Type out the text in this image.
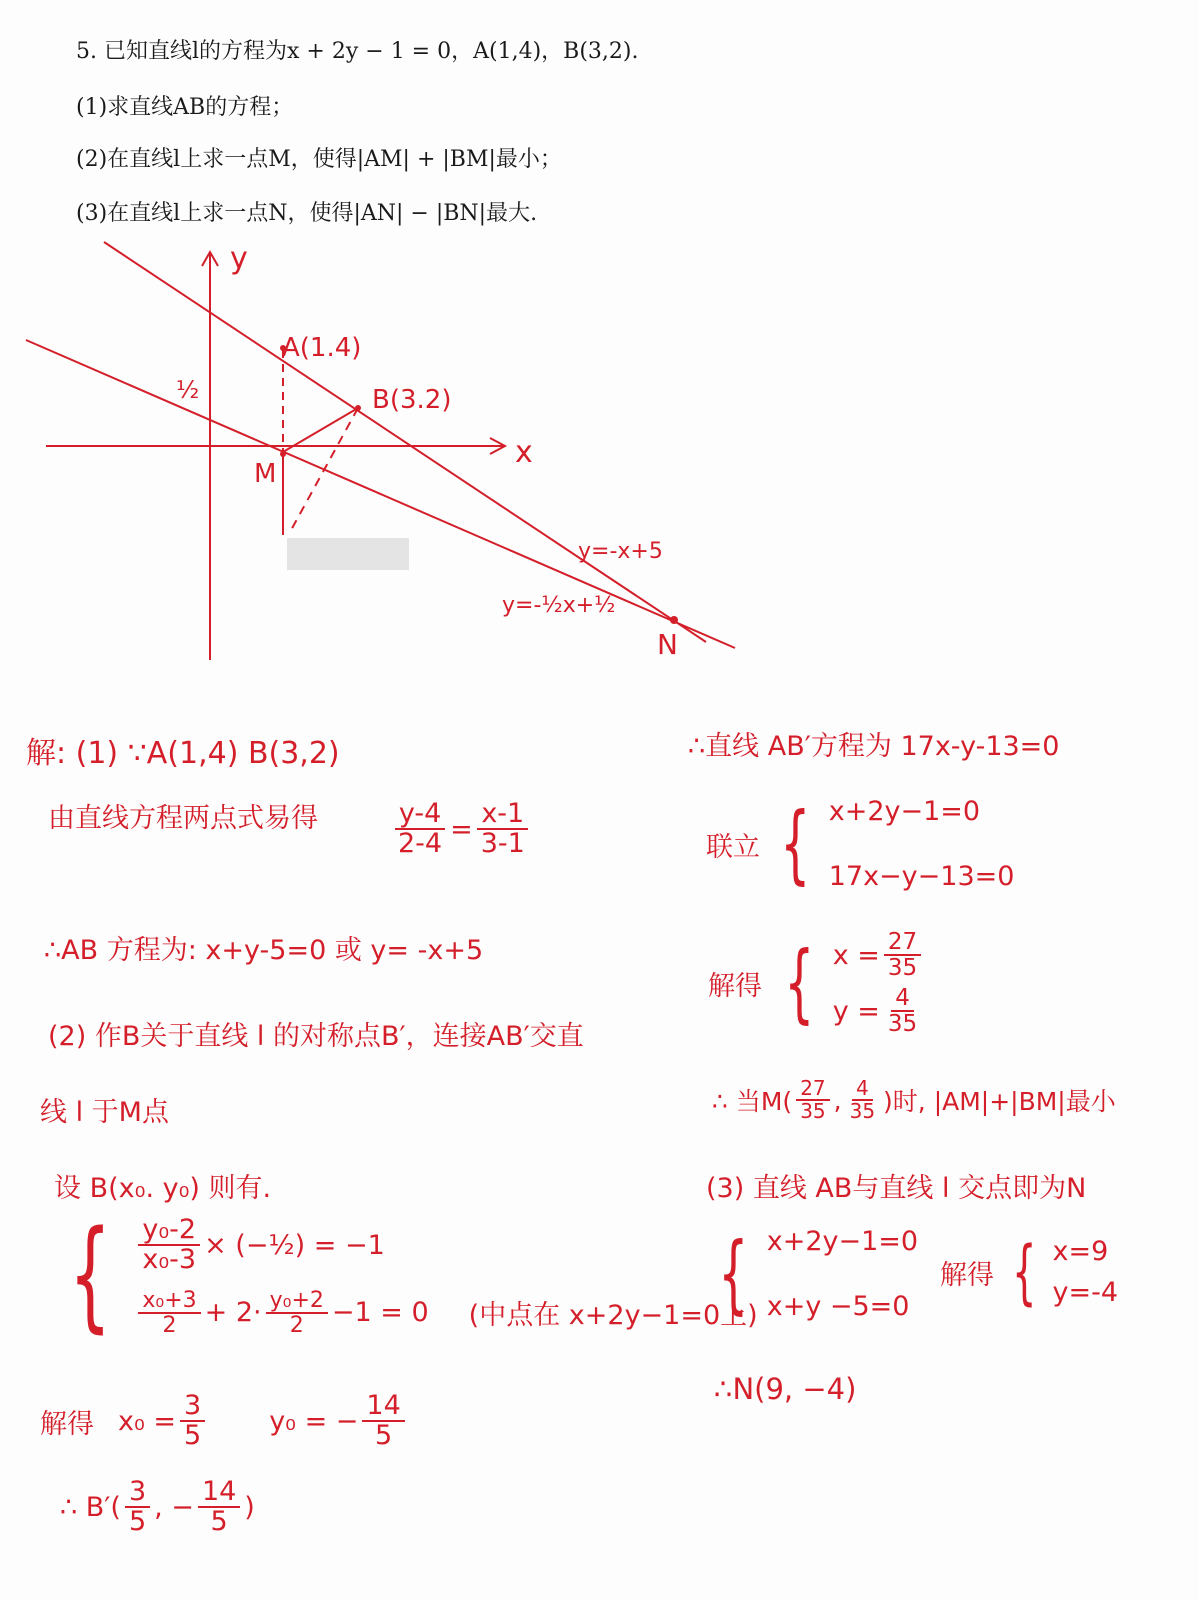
5. 已知直线l的方程为x + 2y − 1 = 0，A(1,4)，B(3,2).
(1)求直线AB的方程；
(2)在直线l上求一点M，使得|AM| + |BM|最小；
(3)在直线l上求一点N，使得|AN| − |BN|最大.
y
x
A(1.4)
B(3.2)
M
N
½
y=-x+5
y=-½x+½
解: (1) ∵A(1,4) B(3,2)
由直线方程两点式易得	$\frac{y-4}{2-4} = \frac{x-1}{3-1}$
∴AB 方程为: x+y-5=0 或 y= -x+5
(2) 作B关于直线 l 的对称点B′，连接AB′交直
线 l 于M点
设 B(x₀. y₀) 则有.
{ $\frac{\text{y₀-2}}{\text{x₀-3}}$ × (−½) = −1
$\frac{\text{x₀+3}}{2} + 2\cdot \frac{\text{y₀+2}}{2} -1 = 0$ (中点在 x+2y−1=0上)
解得 $x_0 = \frac{3}{5} y_0$ = − $\frac{14}{5}$
∴ $B'( \frac{3}{5}$ , − $\frac{14}{5}$ )
∴直线 AB′方程为 17x-y-13=0
联立 { x+2y−1=0
17x−y−13=0
解得 { $x = \frac{27}{35}$
$y = \frac{4}{35}$
∴ 当$M( \frac{27}{35}$ , $\frac{4}{35}$ )时, |AM|+|BM|最小
(3) 直线 AB与直线 l 交点即为N
{ x+2y−1=0
x+y −5=0
解得 { x=9
y=-4
∴N(9, −4)
